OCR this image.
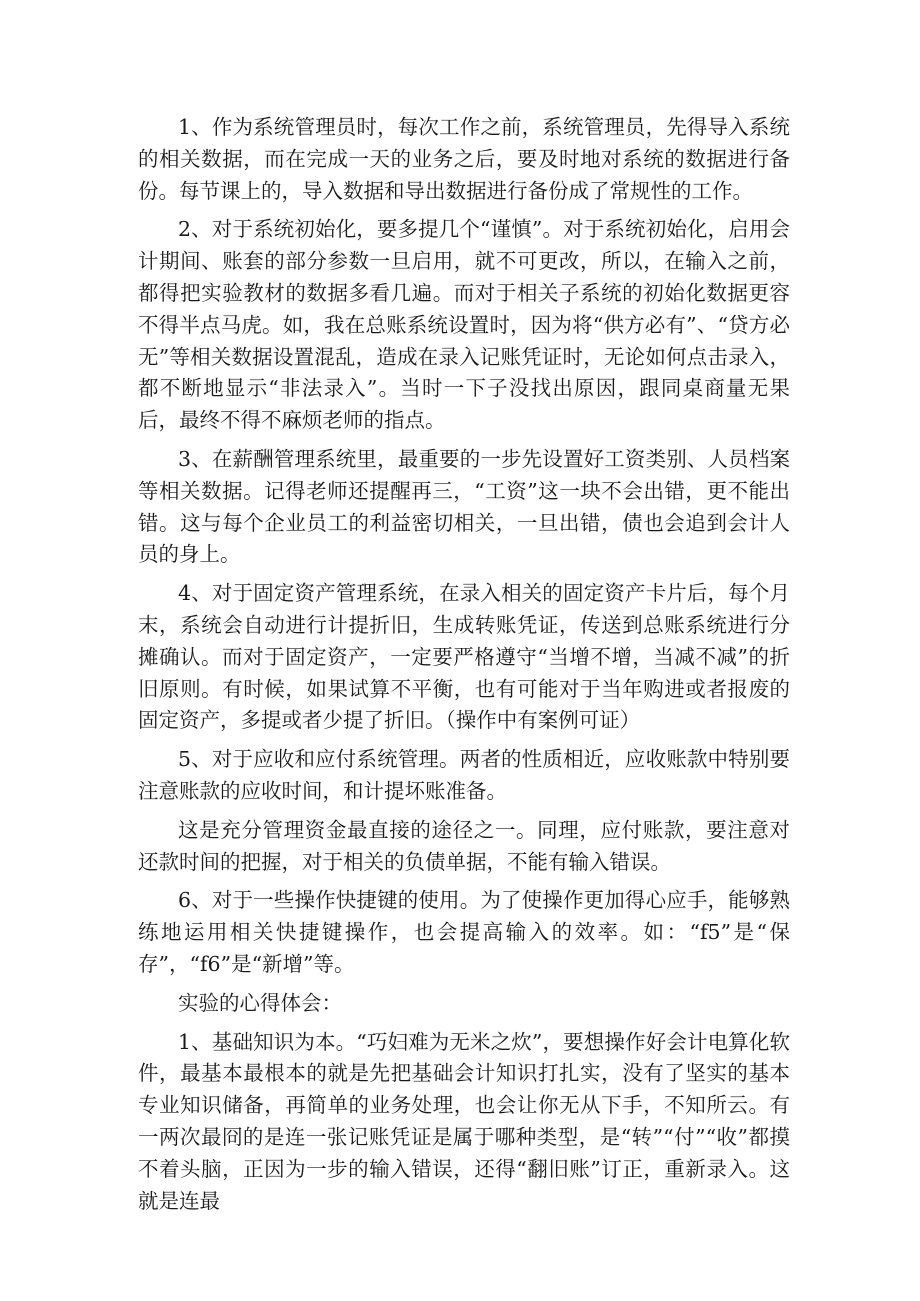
1、作为系统管理员时，每次工作之前，系统管理员，先得导入系统的相关数据，而在完成一天的业务之后，要及时地对系统的数据进行备份。每节课上的，导入数据和导出数据进行备份成了常规性的工作。

2、对于系统初始化，要多提几个“谨慎”。对于系统初始化，启用会计期间、账套的部分参数一旦启用，就不可更改，所以，在输入之前，都得把实验教材的数据多看几遍。而对于相关子系统的初始化数据更容不得半点马虎。如，我在总账系统设置时，因为将“供方必有”、“贷方必无”等相关数据设置混乱，造成在录入记账凭证时，无论如何点击录入，都不断地显示“非法录入”。当时一下子没找出原因，跟同桌商量无果后，最终不得不麻烦老师的指点。

3、在薪酬管理系统里，最重要的一步先设置好工资类别、人员档案等相关数据。记得老师还提醒再三，“工资”这一块不会出错，更不能出错。这与每个企业员工的利益密切相关，一旦出错，债也会追到会计人员的身上。

4、对于固定资产管理系统，在录入相关的固定资产卡片后，每个月末，系统会自动进行计提折旧，生成转账凭证，传送到总账系统进行分摊确认。而对于固定资产，一定要严格遵守“当增不增，当减不减”的折旧原则。有时候，如果试算不平衡，也有可能对于当年购进或者报废的固定资产，多提或者少提了折旧。（操作中有案例可证）

5、对于应收和应付系统管理。两者的性质相近，应收账款中特别要注意账款的应收时间，和计提坏账准备。

这是充分管理资金最直接的途径之一。同理，应付账款，要注意对还款时间的把握，对于相关的负债单据，不能有输入错误。

6、对于一些操作快捷键的使用。为了使操作更加得心应手，能够熟练地运用相关快捷键操作，也会提高输入的效率。如：“f5”是“保存”，“f6”是“新增”等。

实验的心得体会：

1、基础知识为本。“巧妇难为无米之炊”，要想操作好会计电算化软件，最基本最根本的就是先把基础会计知识打扎实，没有了坚实的基本专业知识储备，再简单的业务处理，也会让你无从下手，不知所云。有一两次最冏的是连一张记账凭证是属于哪种类型，是“转”“付”“收”都摸不着头脑，正因为一步的输入错误，还得“翻旧账”订正，重新录入。这就是连最
